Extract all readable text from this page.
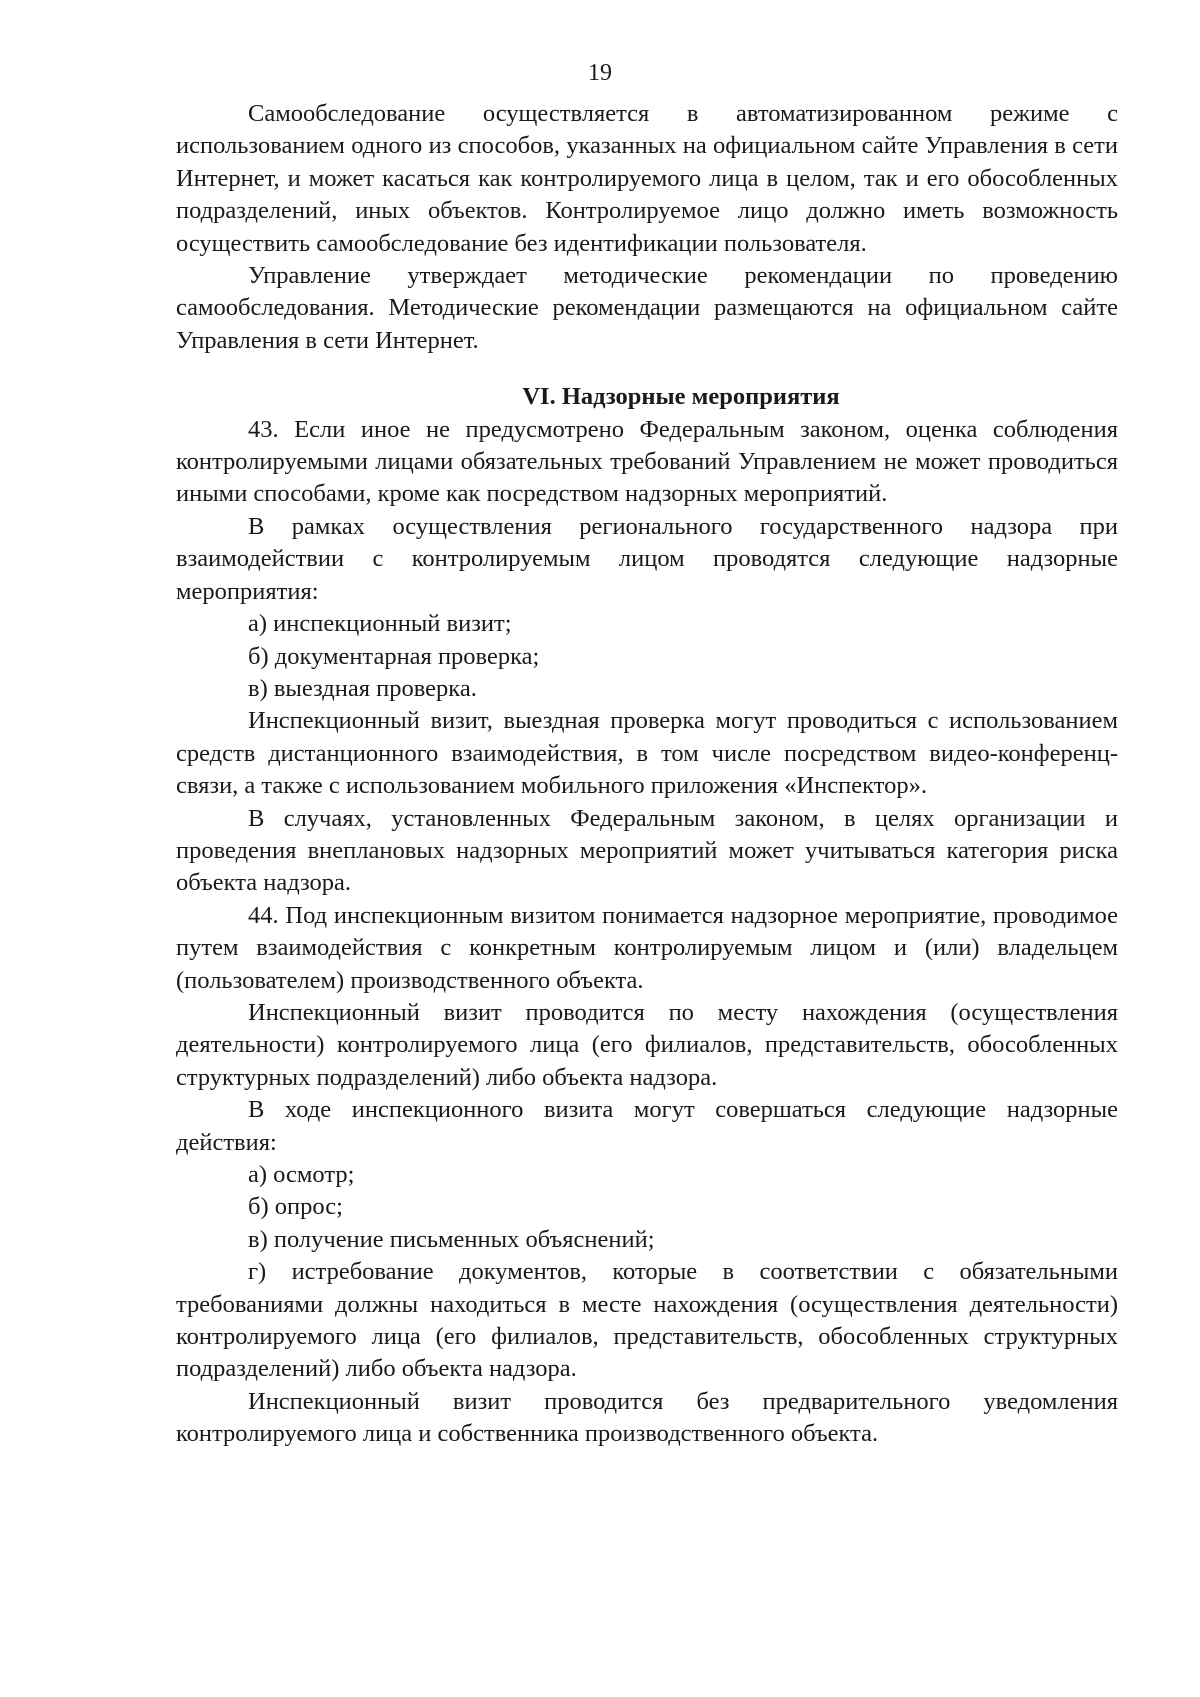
19

Самообследование осуществляется в автоматизированном режиме с использованием одного из способов, указанных на официальном сайте Управления в сети Интернет, и может касаться как контролируемого лица в целом, так и его обособленных подразделений, иных объектов. Контролируемое лицо должно иметь возможность осуществить самообследование без идентификации пользователя.

Управление утверждает методические рекомендации по проведению самообследования. Методические рекомендации размещаются на официальном сайте Управления в сети Интернет.

VI. Надзорные мероприятия

43. Если иное не предусмотрено Федеральным законом, оценка соблюдения контролируемыми лицами обязательных требований Управлением не может проводиться иными способами, кроме как посредством надзорных мероприятий.

В рамках осуществления регионального государственного надзора при взаимодействии с контролируемым лицом проводятся следующие надзорные мероприятия:

а) инспекционный визит;

б) документарная проверка;

в) выездная проверка.

Инспекционный визит, выездная проверка могут проводиться с использованием средств дистанционного взаимодействия, в том числе посредством видео-конференц-связи, а также с использованием мобильного приложения «Инспектор».

В случаях, установленных Федеральным законом, в целях организации и проведения внеплановых надзорных мероприятий может учитываться категория риска объекта надзора.

44. Под инспекционным визитом понимается надзорное мероприятие, проводимое путем взаимодействия с конкретным контролируемым лицом и (или) владельцем (пользователем) производственного объекта.

Инспекционный визит проводится по месту нахождения (осуществления деятельности) контролируемого лица (его филиалов, представительств, обособленных структурных подразделений) либо объекта надзора.

В ходе инспекционного визита могут совершаться следующие надзорные действия:

а) осмотр;

б) опрос;

в) получение письменных объяснений;

г) истребование документов, которые в соответствии с обязательными требованиями должны находиться в месте нахождения (осуществления деятельности) контролируемого лица (его филиалов, представительств, обособленных структурных подразделений) либо объекта надзора.

Инспекционный визит проводится без предварительного уведомления контролируемого лица и собственника производственного объекта.
